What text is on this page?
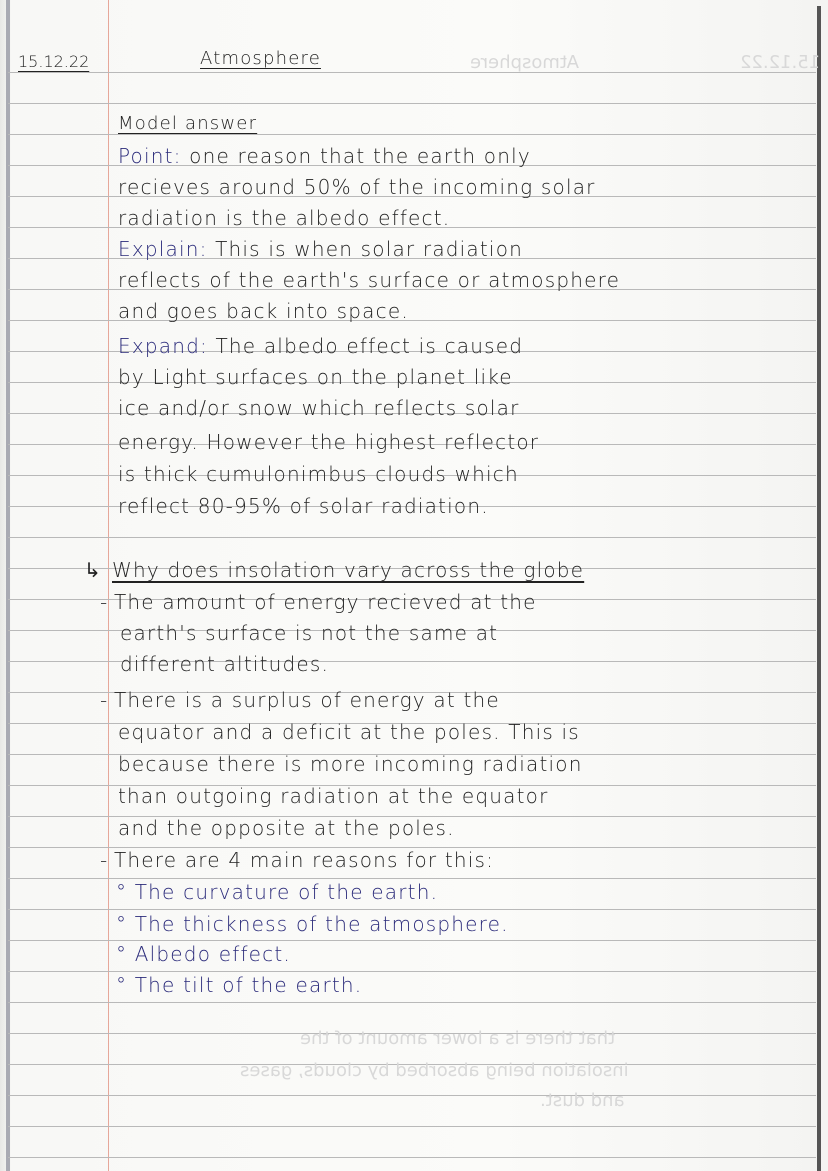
Atmosphere	15.12.22
that there is a lower amount of the
insolation being absorbed by clouds, gases
and dust.
15.12.22	Atmosphere
Model answer
Point: one reason that the earth only
recieves around 50% of the incoming solar
radiation is the albedo effect.
Explain: This is when solar radiation
reflects of the earth's surface or atmosphere
and goes back into space.
Expand: The albedo effect is caused
by Light surfaces on the planet like
ice and/or snow which reflects solar
energy. However the highest reflector
is thick cumulonimbus clouds which
reflect 80-95% of solar radiation.
↳ Why does insolation vary across the globe
- The amount of energy recieved at the
earth's surface is not the same at
different altitudes.
- There is a surplus of energy at the
equator and a deficit at the poles. This is
because there is more incoming radiation
than outgoing radiation at the equator
and the opposite at the poles.
- There are 4 main reasons for this:
° The curvature of the earth.
° The thickness of the atmosphere.
° Albedo effect.
° The tilt of the earth.
